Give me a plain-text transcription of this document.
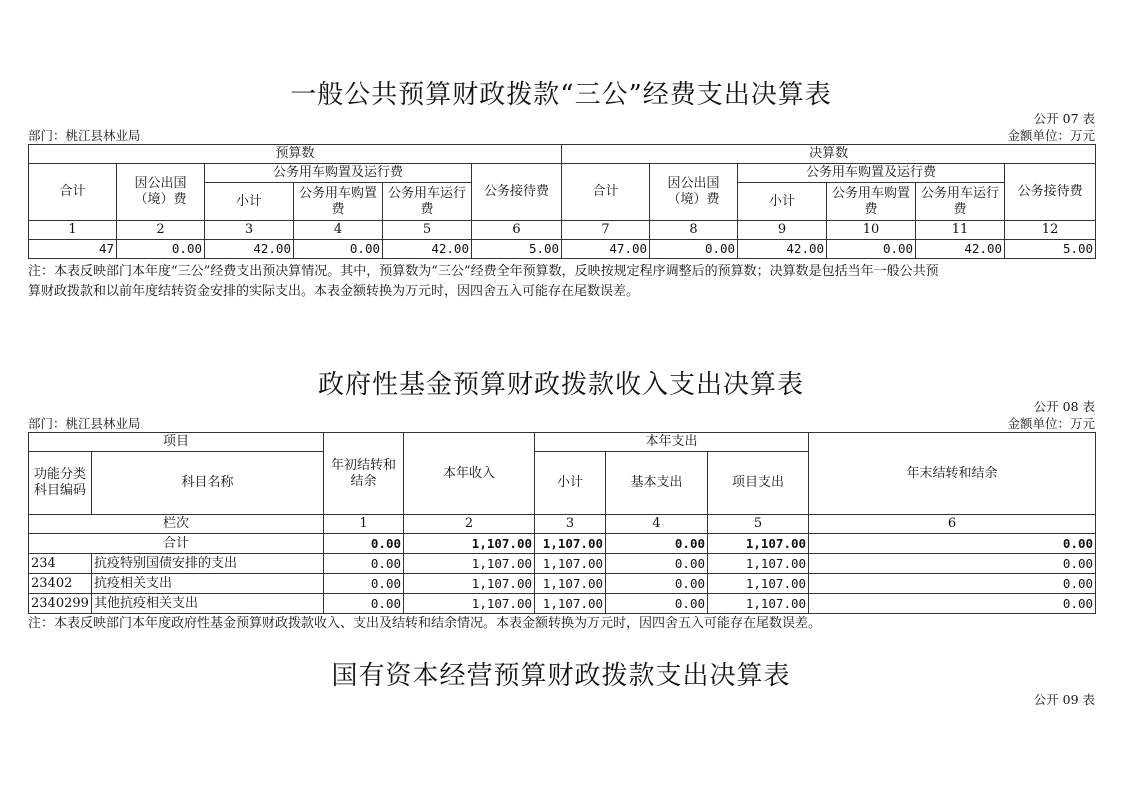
一般公共预算财政拨款“三公”经费支出决算表
公开 07 表
部门：桃江县林业局	金额单位：万元
预算数						决算数					
合计	因公出国（境）费	公务用车购置及运行费			公务接待费	合计	因公出国（境）费	公务用车购置及运行费			公务接待费
		小计	公务用车购置费	公务用车运行费				小计	公务用车购置费	公务用车运行费	
1	2	3	4	5	6	7	8	9	10	11	12
47	0.00	42.00	0.00	42.00	5.00	47.00	0.00	42.00	0.00	42.00	5.00
注：本表反映部门本年度“三公”经费支出预决算情况。其中，预算数为“三公”经费全年预算数，反映按规定程序调整后的预算数；决算数是包括当年一般公共预
算财政拨款和以前年度结转资金安排的实际支出。本表金额转换为万元时，因四舍五入可能存在尾数误差。
政府性基金预算财政拨款收入支出决算表
公开 08 表
部门：桃江县林业局	金额单位：万元
项目		年初结转和结余	本年收入	本年支出			年末结转和结余
功能分类科目编码	科目名称			小计	基本支出	项目支出	
栏次		1	2	3	4	5	6
合计		0.00	1,107.00	1,107.00	0.00	1,107.00	0.00
234	抗疫特别国债安排的支出	0.00	1,107.00	1,107.00	0.00	1,107.00	0.00
23402	抗疫相关支出	0.00	1,107.00	1,107.00	0.00	1,107.00	0.00
2340299	其他抗疫相关支出	0.00	1,107.00	1,107.00	0.00	1,107.00	0.00
注：本表反映部门本年度政府性基金预算财政拨款收入、支出及结转和结余情况。本表金额转换为万元时，因四舍五入可能存在尾数误差。
国有资本经营预算财政拨款支出决算表
公开 09 表
